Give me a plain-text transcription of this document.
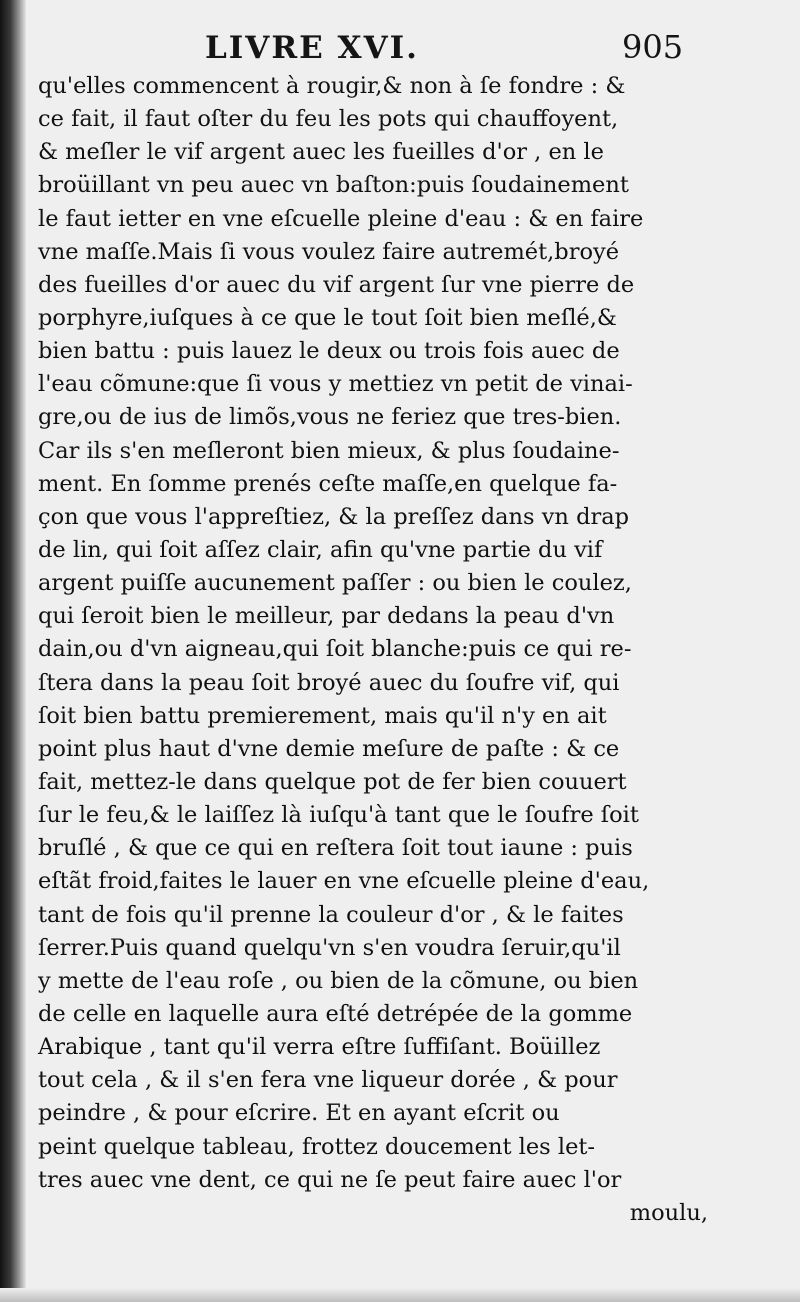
LIVRE XVI.	905
qu'elles commencent à rougir,& non à ſe fondre : &
ce fait, il faut oſter du feu les pots qui chauffoyent,
& meſler le vif argent auec les fueilles d'or , en le
broüillant vn peu auec vn baſton:puis ſoudainement
le faut ietter en vne eſcuelle pleine d'eau : & en faire
vne maſſe.Mais ſi vous voulez faire autremét,broyé
des fueilles d'or auec du vif argent ſur vne pierre de
porphyre,iuſques à ce que le tout ſoit bien meſlé,&
bien battu : puis lauez le deux ou trois fois auec de
l'eau cõmune:que ſi vous y mettiez vn petit de vinai-
gre,ou de ius de limõs,vous ne feriez que tres-bien.
Car ils s'en meſleront bien mieux, & plus ſoudaine-
ment. En ſomme prenés ceſte maſſe,en quelque fa-
çon que vous l'appreſtiez, & la preſſez dans vn drap
de lin, qui ſoit aſſez clair, afin qu'vne partie du vif
argent puiſſe aucunement paſſer : ou bien le coulez,
qui ſeroit bien le meilleur, par dedans la peau d'vn
dain,ou d'vn aigneau,qui ſoit blanche:puis ce qui re-
ſtera dans la peau ſoit broyé auec du ſoufre vif, qui
ſoit bien battu premierement, mais qu'il n'y en ait
point plus haut d'vne demie meſure de paſte : & ce
fait, mettez-le dans quelque pot de fer bien couuert
ſur le feu,& le laiſſez là iuſqu'à tant que le ſoufre ſoit
bruſlé , & que ce qui en reſtera ſoit tout iaune : puis
eſtãt froid,faites le lauer en vne eſcuelle pleine d'eau,
tant de fois qu'il prenne la couleur d'or , & le faites
ſerrer.Puis quand quelqu'vn s'en voudra ſeruir,qu'il
y mette de l'eau roſe , ou bien de la cõmune, ou bien
de celle en laquelle aura eſté detrépée de la gomme
Arabique , tant qu'il verra eſtre ſuffiſant. Boüillez
tout cela , & il s'en fera vne liqueur dorée , & pour
peindre , & pour eſcrire. Et en ayant eſcrit ou
peint quelque tableau, frottez doucement les let-
tres auec vne dent, ce qui ne ſe peut faire auec l'or
moulu,
